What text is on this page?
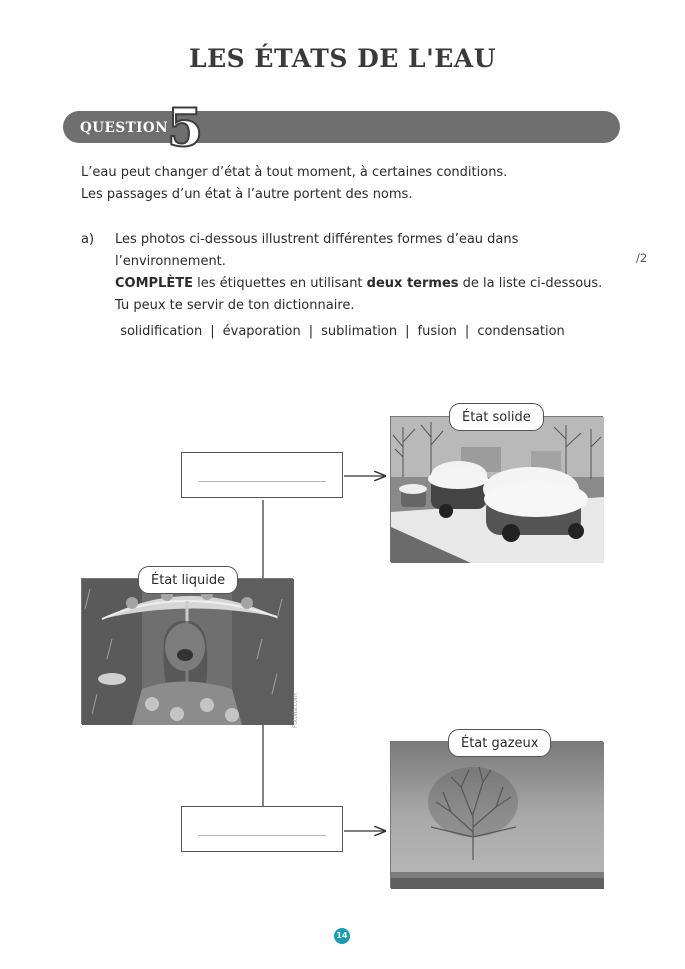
LES ÉTATS DE L'EAU
QUESTION
5
L’eau peut changer d’état à tout moment, à certaines conditions.
Les passages d’un état à l’autre portent des noms.
a) Les photos ci-dessous illustrent différentes formes d’eau dans l’environnement.
COMPLÈTE les étiquettes en utilisant deux termes de la liste ci-dessous.
Tu peux te servir de ton dictionnaire.
/2
solidification | évaporation | sublimation | fusion | condensation
État solide
État liquide
Fotolia.com
État gazeux
14
